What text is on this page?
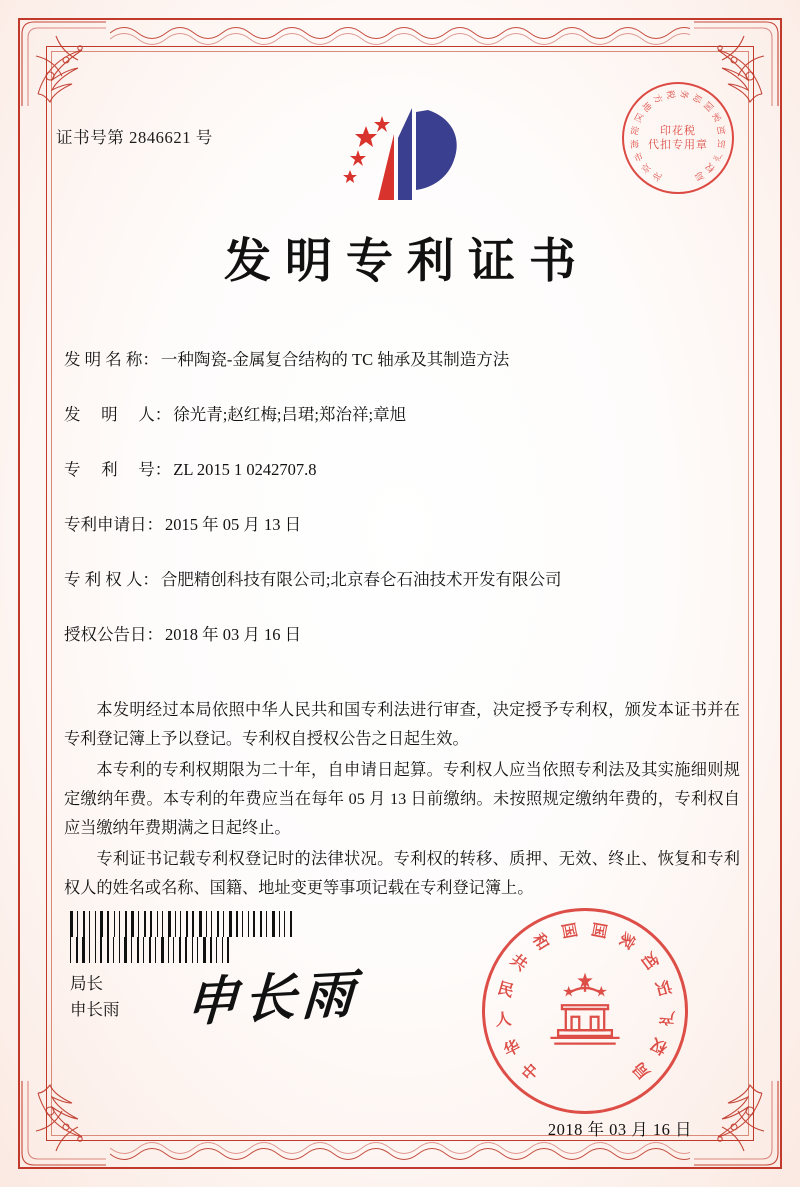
证书号第 2846621 号
北
京
市
海
淀
区
地
方 税 务 局
国
家
知
识
产
权
局
印花税
代扣专用章
发明专利证书
发 明 名 称： 一种陶瓷-金属复合结构的 TC 轴承及其制造方法
发　 明　 人： 徐光青;赵红梅;吕珺;郑治祥;章旭
专　 利　 号： ZL 2015 1 0242707.8
专利申请日： 2015 年 05 月 13 日
专 利 权 人： 合肥精创科技有限公司;北京春仑石油技术开发有限公司
授权公告日： 2018 年 03 月 16 日

本发明经过本局依照中华人民共和国专利法进行审查，决定授予专利权，颁发本证书并在专利登记簿上予以登记。专利权自授权公告之日起生效。

本专利的专利权期限为二十年，自申请日起算。专利权人应当依照专利法及其实施细则规定缴纳年费。本专利的年费应当在每年 05 月 13 日前缴纳。未按照规定缴纳年费的，专利权自应当缴纳年费期满之日起终止。

专利证书记载专利权登记时的法律状况。专利权的转移、质押、无效、终止、恢复和专利权人的姓名或名称、国籍、地址变更等事项记载在专利登记簿上。

局长
申长雨 申长雨
中
华
人
民
共
和
国 国 家
知
识
产
权
局
2018 年 03 月 16 日
